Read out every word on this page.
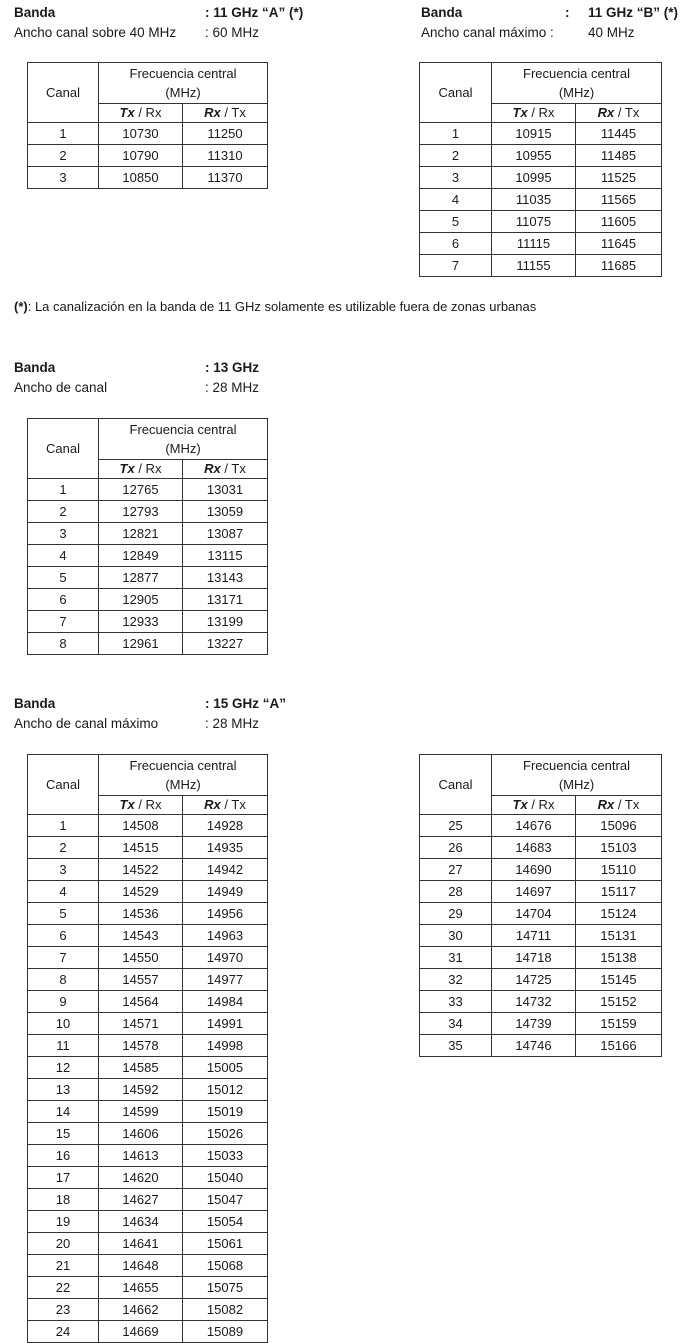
Banda	: 11 GHz “A” (*)
Ancho canal sobre 40 MHz : 60 MHz
Banda	: 11 GHz “B” (*)
Ancho canal máximo :	40 MHz
Canal	Frecuencia central
(MHz)	
	Tx / Rx	Rx / Tx
1	10730	11250
2	10790	11310
3	10850	11370
Canal	Frecuencia central
(MHz)	
	Tx / Rx	Rx / Tx
1	10915	11445
2	10955	11485
3	10995	11525
4	11035	11565
5	11075	11605
6	11115	11645
7	11155	11685
(*): La canalización en la banda de 11 GHz solamente es utilizable fuera de zonas urbanas
Banda	: 13 GHz
Ancho de canal	: 28 MHz
Canal	Frecuencia central
(MHz)	
	Tx / Rx	Rx / Tx
1	12765	13031
2	12793	13059
3	12821	13087
4	12849	13115
5	12877	13143
6	12905	13171
7	12933	13199
8	12961	13227
Banda	: 15 GHz “A”
Ancho de canal máximo	: 28 MHz
Canal	Frecuencia central
(MHz)	
	Tx / Rx	Rx / Tx
1	14508	14928
2	14515	14935
3	14522	14942
4	14529	14949
5	14536	14956
6	14543	14963
7	14550	14970
8	14557	14977
9	14564	14984
10	14571	14991
11	14578	14998
12	14585	15005
13	14592	15012
14	14599	15019
15	14606	15026
16	14613	15033
17	14620	15040
18	14627	15047
19	14634	15054
20	14641	15061
21	14648	15068
22	14655	15075
23	14662	15082
24	14669	15089
Canal	Frecuencia central
(MHz)	
	Tx / Rx	Rx / Tx
25	14676	15096
26	14683	15103
27	14690	15110
28	14697	15117
29	14704	15124
30	14711	15131
31	14718	15138
32	14725	15145
33	14732	15152
34	14739	15159
35	14746	15166
